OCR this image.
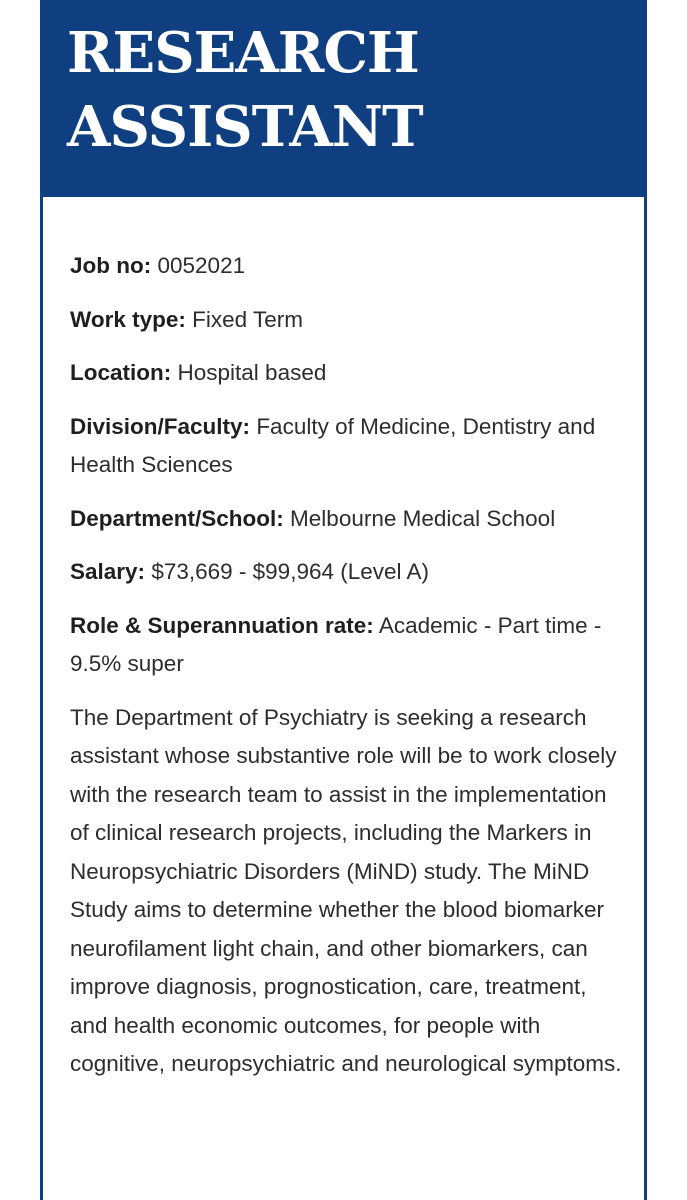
RESEARCH
ASSISTANT

Job no: 0052021

Work type: Fixed Term

Location: Hospital based

Division/Faculty: Faculty of Medicine, Dentistry and Health Sciences

Department/School: Melbourne Medical School

Salary: $73,669 - $99,964 (Level A)

Role & Superannuation rate: Academic - Part time - 9.5% super

The Department of Psychiatry is seeking a research assistant whose substantive role will be to work closely with the research team to assist in the implementation of clinical research projects, including the Markers in Neuropsychiatric Disorders (MiND) study. The MiND Study aims to determine whether the blood biomarker neurofilament light chain, and other biomarkers, can improve diagnosis, prognostication, care, treatment, and health economic outcomes, for people with cognitive, neuropsychiatric and neurological symptoms.
